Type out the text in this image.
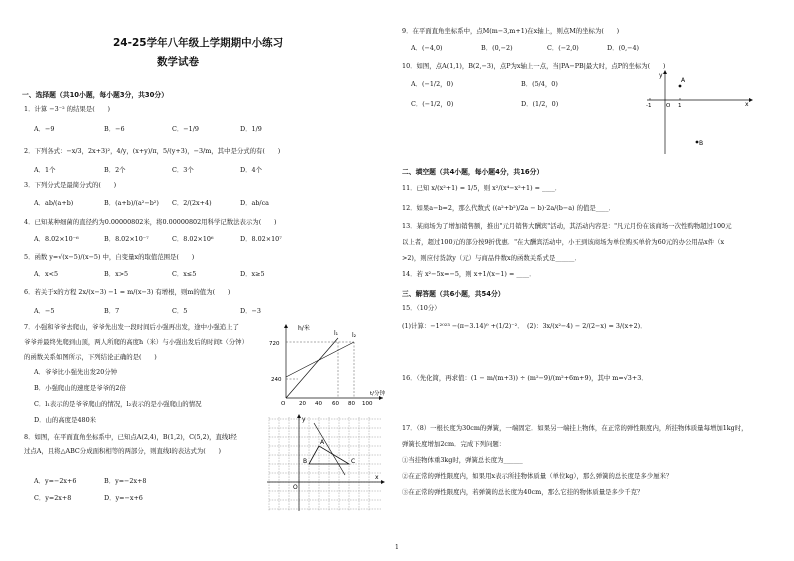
24-25学年八年级上学期期中小练习
数学试卷
一、选择题（共10小题，每小题3分，共30分）
1．计算 −3⁻² 的结果是(　　)
A．−9	B．−6	C．−1/9	D．1/9
2．下列各式：−x/3，2x+3)²，4/y，(x+y)/π，5/(y+3)，−3/m，其中是分式的有(　　)
A．1个	B．2个	C．3个	D．4个
3．下列分式是最简分式的(　　)
A．ab/(a+b)	B．(a+b)/(a²−b²) C．2/(2x+4)	D．ab/ca
4．已知某种细菌的直径约为0.00000802米，将0.00000802用科学记数法表示为(　　)
A．8.02×10⁻⁶	B．8.02×10⁻⁷	C．8.02×10⁶	D．8.02×10⁷
5．函数 y=√(x−5)/(x−5) 中，自变量x的取值范围是(　　)
A．x<5	B．x>5	C．x≤5	D．x≥5
6．若关于x的方程 2x/(x−3) −1 = m/(x−3) 有增根，则m的值为(　　)
A．−5	B．7	C．5	D．−3
7．小强和爷爷去爬山，爷爷先出发一段时间后小强再出发，途中小强追上了
爷爷并最终先爬到山顶，两人所爬的高度h（米）与小强出发后的时间t（分钟）
的函数关系如图所示，下列结论正确的是(　　)
A．爷爷比小强先出发20分钟
B．小强爬山的速度是爷爷的2倍
C．l₁表示的是爷爷爬山的情况，l₂表示的是小强爬山的情况
D．山的高度是480米
h/米
720
240
O 20 40 60 80 100
t/分钟
l₁ l₂
8．如图，在平面直角坐标系中，已知点A(2,4)，B(1,2)，C(5,2)，直线l经
过点A，且将△ABC分成面积相等的两部分，则直线l的表达式为(　　)
A．y=−2x+6	B．y=−2x+8
C．y=2x+8	D．y=−x+6
y
x
A
B	C
O
9．在平面直角坐标系中，点M(m−3,m+1)在x轴上，则点M的坐标为(　　)
A．(−4,0)	B．(0,−2)	C．(−2,0)	D．(0,−4)
10．如图，点A(1,1)，B(2,−3)，点P为x轴上一点，当|PA−PB|最大时，点P的坐标为(　　)
A．(−1/2，0)	B．(5/4，0)
C．(−1/2，0)	D．(1/2，0)
y
x
A
B
1
-1	O
二、填空题（共4小题，每小题4分，共16分）
11．已知 x/(x²+1) = 1/5，则 x²/(x⁴−x²+1) = ____．
12．如果a−b=2，那么代数式 ((a²+b²)/2a − b)·2a/(b−a) 的值是____．
13．某商场为了增加销售额，推出"元月销售大酬宾"活动，其活动内容是："凡元月份在该商场一次性购物超过100元
以上者，超过100元的部分按9折优惠．"在大酬宾活动中，小王到该商场为单位购买单价为60元的办公用品x件（x
>2)，则应付货款y（元）与商品件数x的函数关系式是______．
14．若 x²−5x=−5，则 x+1/(x−1) = ____．
三、解答题（共6小题，共54分）
15．（10分）
(1)计算：−1²⁰²³ −(π−3.14)⁰ +(1/2)⁻²． (2)：3x/(x²−4) − 2/(2−x) = 3/(x+2)．
16．（先化简，再求值：(1 − m/(m+3)) ÷ (m²−9)/(m²+6m+9)，其中 m=√3+3．
17．（8）一根长度为30cm的弹簧，一端固定．如果另一端挂上物体，在正常的弹性限度内，所挂物体质量每增加1kg时，
弹簧长度增加2cm．完成下列问题：
①当挂物体重3kg时，弹簧总长度为______
②在正常的弹性限度内，如果用x表示所挂物体质量（单位kg），那么弹簧的总长度是多少厘米？
③在正常的弹性限度内，若弹簧的总长度为40cm，那么它挂的物体质量是多少千克？
1
